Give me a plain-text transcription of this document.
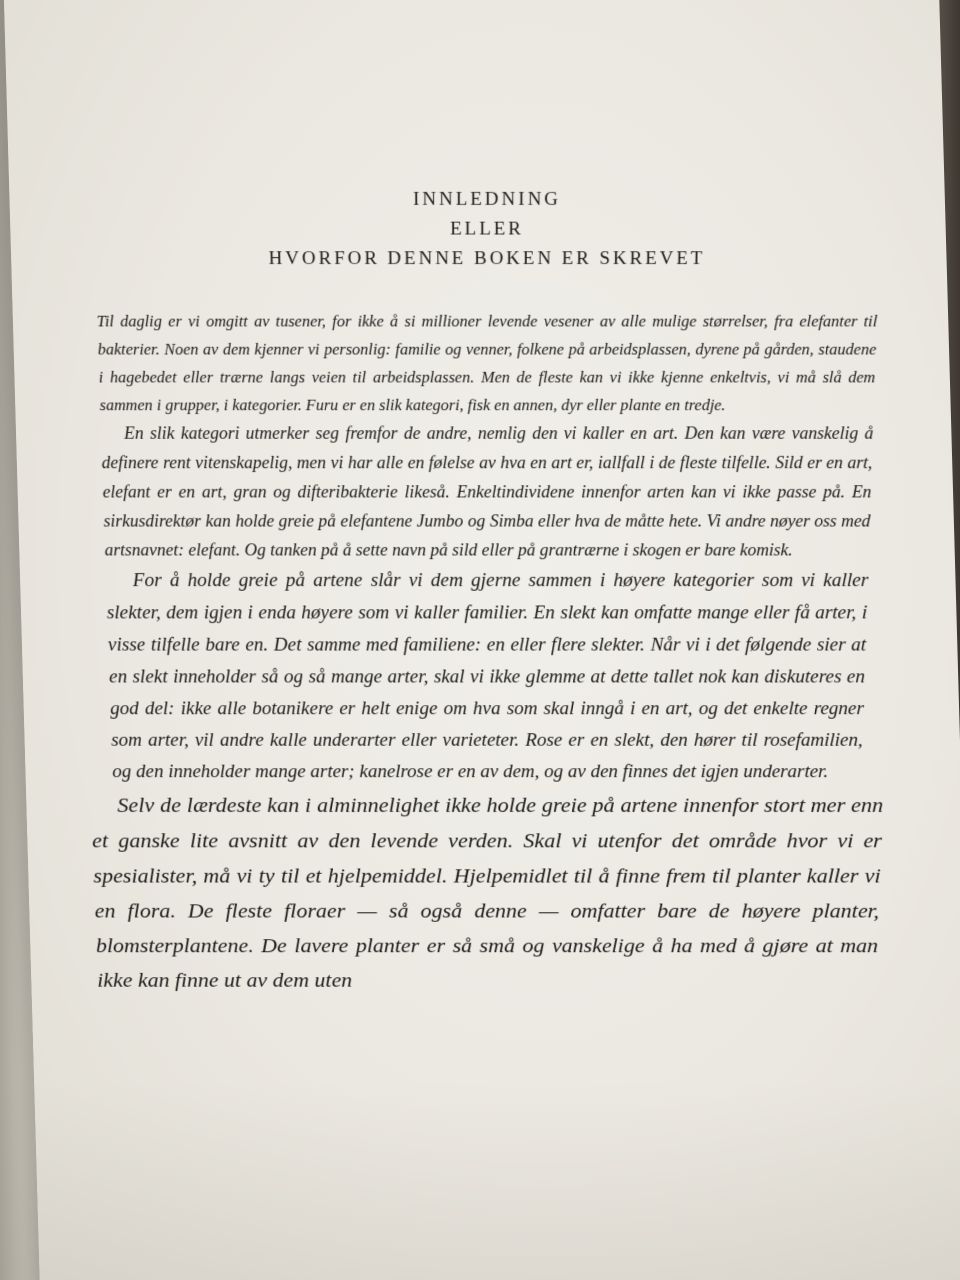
INNLEDNING
ELLER
HVORFOR DENNE BOKEN ER SKREVET

Til daglig er vi omgitt av tusener, for ikke å si millioner levende vesener av alle mulige størrelser, fra elefanter til bakterier. Noen av dem kjenner vi personlig: familie og venner, folkene på arbeidsplassen, dyrene på gården, staudene i hagebedet eller trærne langs veien til arbeidsplassen. Men de fleste kan vi ikke kjenne enkeltvis, vi må slå dem sammen i grupper, i kategorier. Furu er en slik kategori, fisk en annen, dyr eller plante en tredje.

En slik kategori utmerker seg fremfor de andre, nemlig den vi kaller en art. Den kan være vanskelig å definere rent vitenskapelig, men vi har alle en følelse av hva en art er, iallfall i de fleste tilfelle. Sild er en art, elefant er en art, gran og difteribakterie likeså. Enkeltindividene innenfor arten kan vi ikke passe på. En sirkusdirektør kan holde greie på elefantene Jumbo og Simba eller hva de måtte hete. Vi andre nøyer oss med artsnavnet: elefant. Og tanken på å sette navn på sild eller på grantrærne i skogen er bare komisk.

For å holde greie på artene slår vi dem gjerne sammen i høyere kategorier som vi kaller slekter, dem igjen i enda høyere som vi kaller familier. En slekt kan omfatte mange eller få arter, i visse tilfelle bare en. Det samme med familiene: en eller flere slekter. Når vi i det følgende sier at en slekt inneholder så og så mange arter, skal vi ikke glemme at dette tallet nok kan diskuteres en god del: ikke alle botanikere er helt enige om hva som skal inngå i en art, og det enkelte regner som arter, vil andre kalle underarter eller varieteter. Rose er en slekt, den hører til rosefamilien, og den inneholder mange arter; kanelrose er en av dem, og av den finnes det igjen underarter.

Selv de lærdeste kan i alminnelighet ikke holde greie på artene innenfor stort mer enn et ganske lite avsnitt av den levende verden. Skal vi utenfor det område hvor vi er spesialister, må vi ty til et hjelpemiddel. Hjelpemidlet til å finne frem til planter kaller vi en flora. De fleste floraer — så også denne — omfatter bare de høyere planter, blomsterplantene. De lavere planter er så små og vanskelige å ha med å gjøre at man ikke kan finne ut av dem uten
